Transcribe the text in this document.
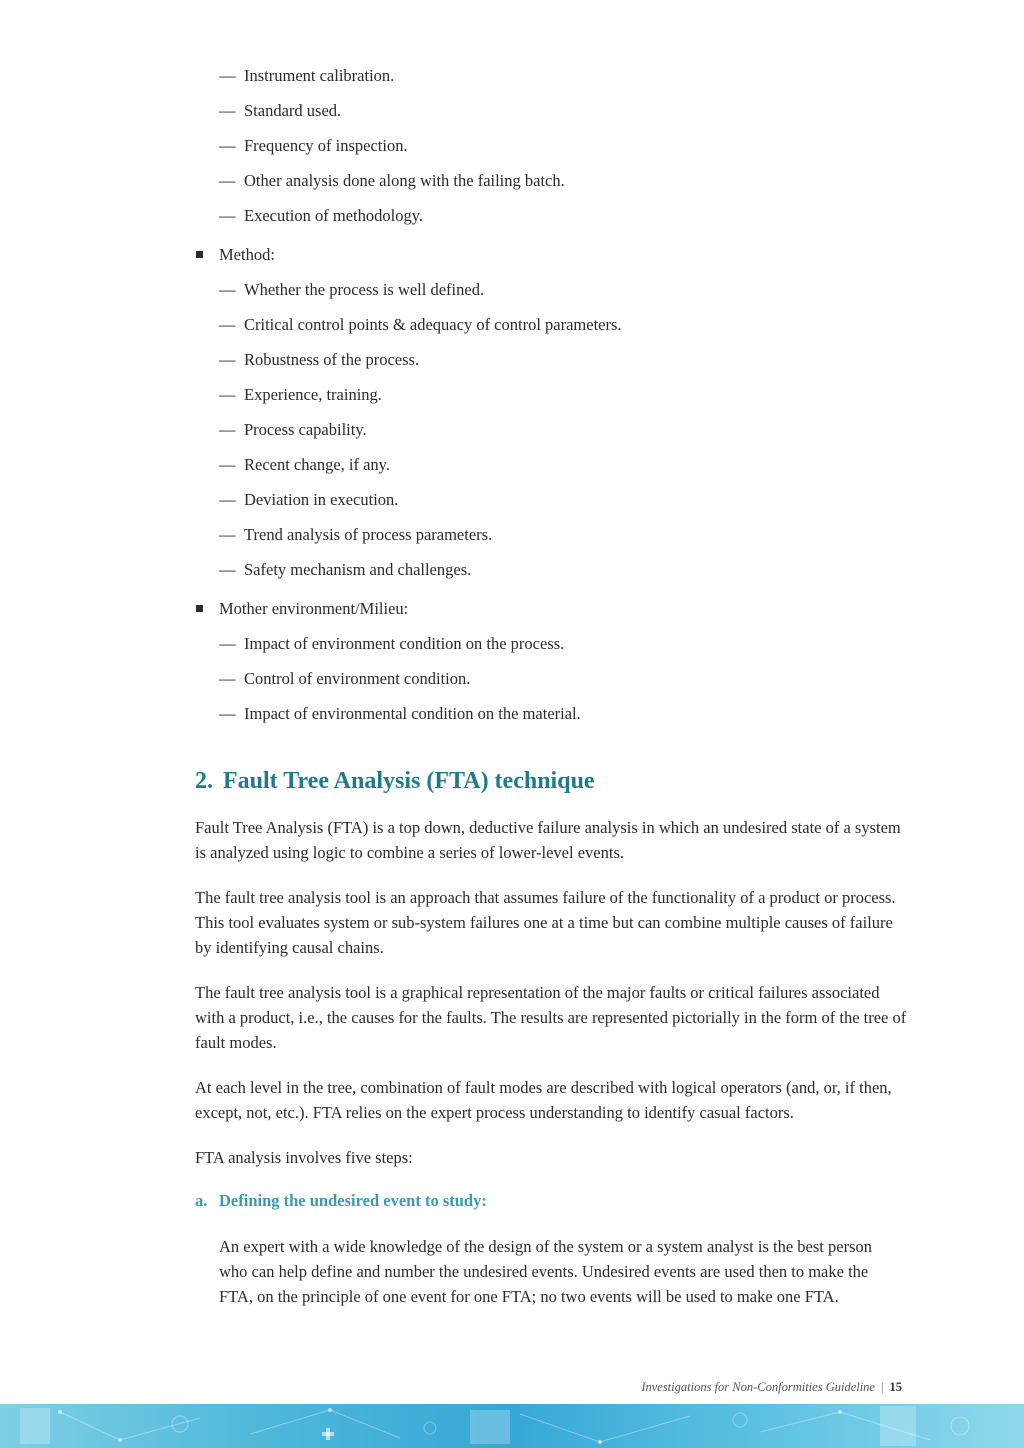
— Instrument calibration.
— Standard used.
— Frequency of inspection.
— Other analysis done along with the failing batch.
— Execution of methodology.
Method:
— Whether the process is well defined.
— Critical control points & adequacy of control parameters.
— Robustness of the process.
— Experience, training.
— Process capability.
— Recent change, if any.
— Deviation in execution.
— Trend analysis of process parameters.
— Safety mechanism and challenges.
Mother environment/Milieu:
— Impact of environment condition on the process.
— Control of environment condition.
— Impact of environmental condition on the material.
2. Fault Tree Analysis (FTA) technique
Fault Tree Analysis (FTA) is a top down, deductive failure analysis in which an undesired state of a system is analyzed using logic to combine a series of lower-level events.
The fault tree analysis tool is an approach that assumes failure of the functionality of a product or process. This tool evaluates system or sub-system failures one at a time but can combine multiple causes of failure by identifying causal chains.
The fault tree analysis tool is a graphical representation of the major faults or critical failures associated with a product, i.e., the causes for the faults. The results are represented pictorially in the form of the tree of fault modes.
At each level in the tree, combination of fault modes are described with logical operators (and, or, if then, except, not, etc.). FTA relies on the expert process understanding to identify casual factors.
FTA analysis involves five steps:
a. Defining the undesired event to study:
An expert with a wide knowledge of the design of the system or a system analyst is the best person who can help define and number the undesired events. Undesired events are used then to make the FTA, on the principle of one event for one FTA; no two events will be used to make one FTA.
Investigations for Non-Conformities Guideline | 15
